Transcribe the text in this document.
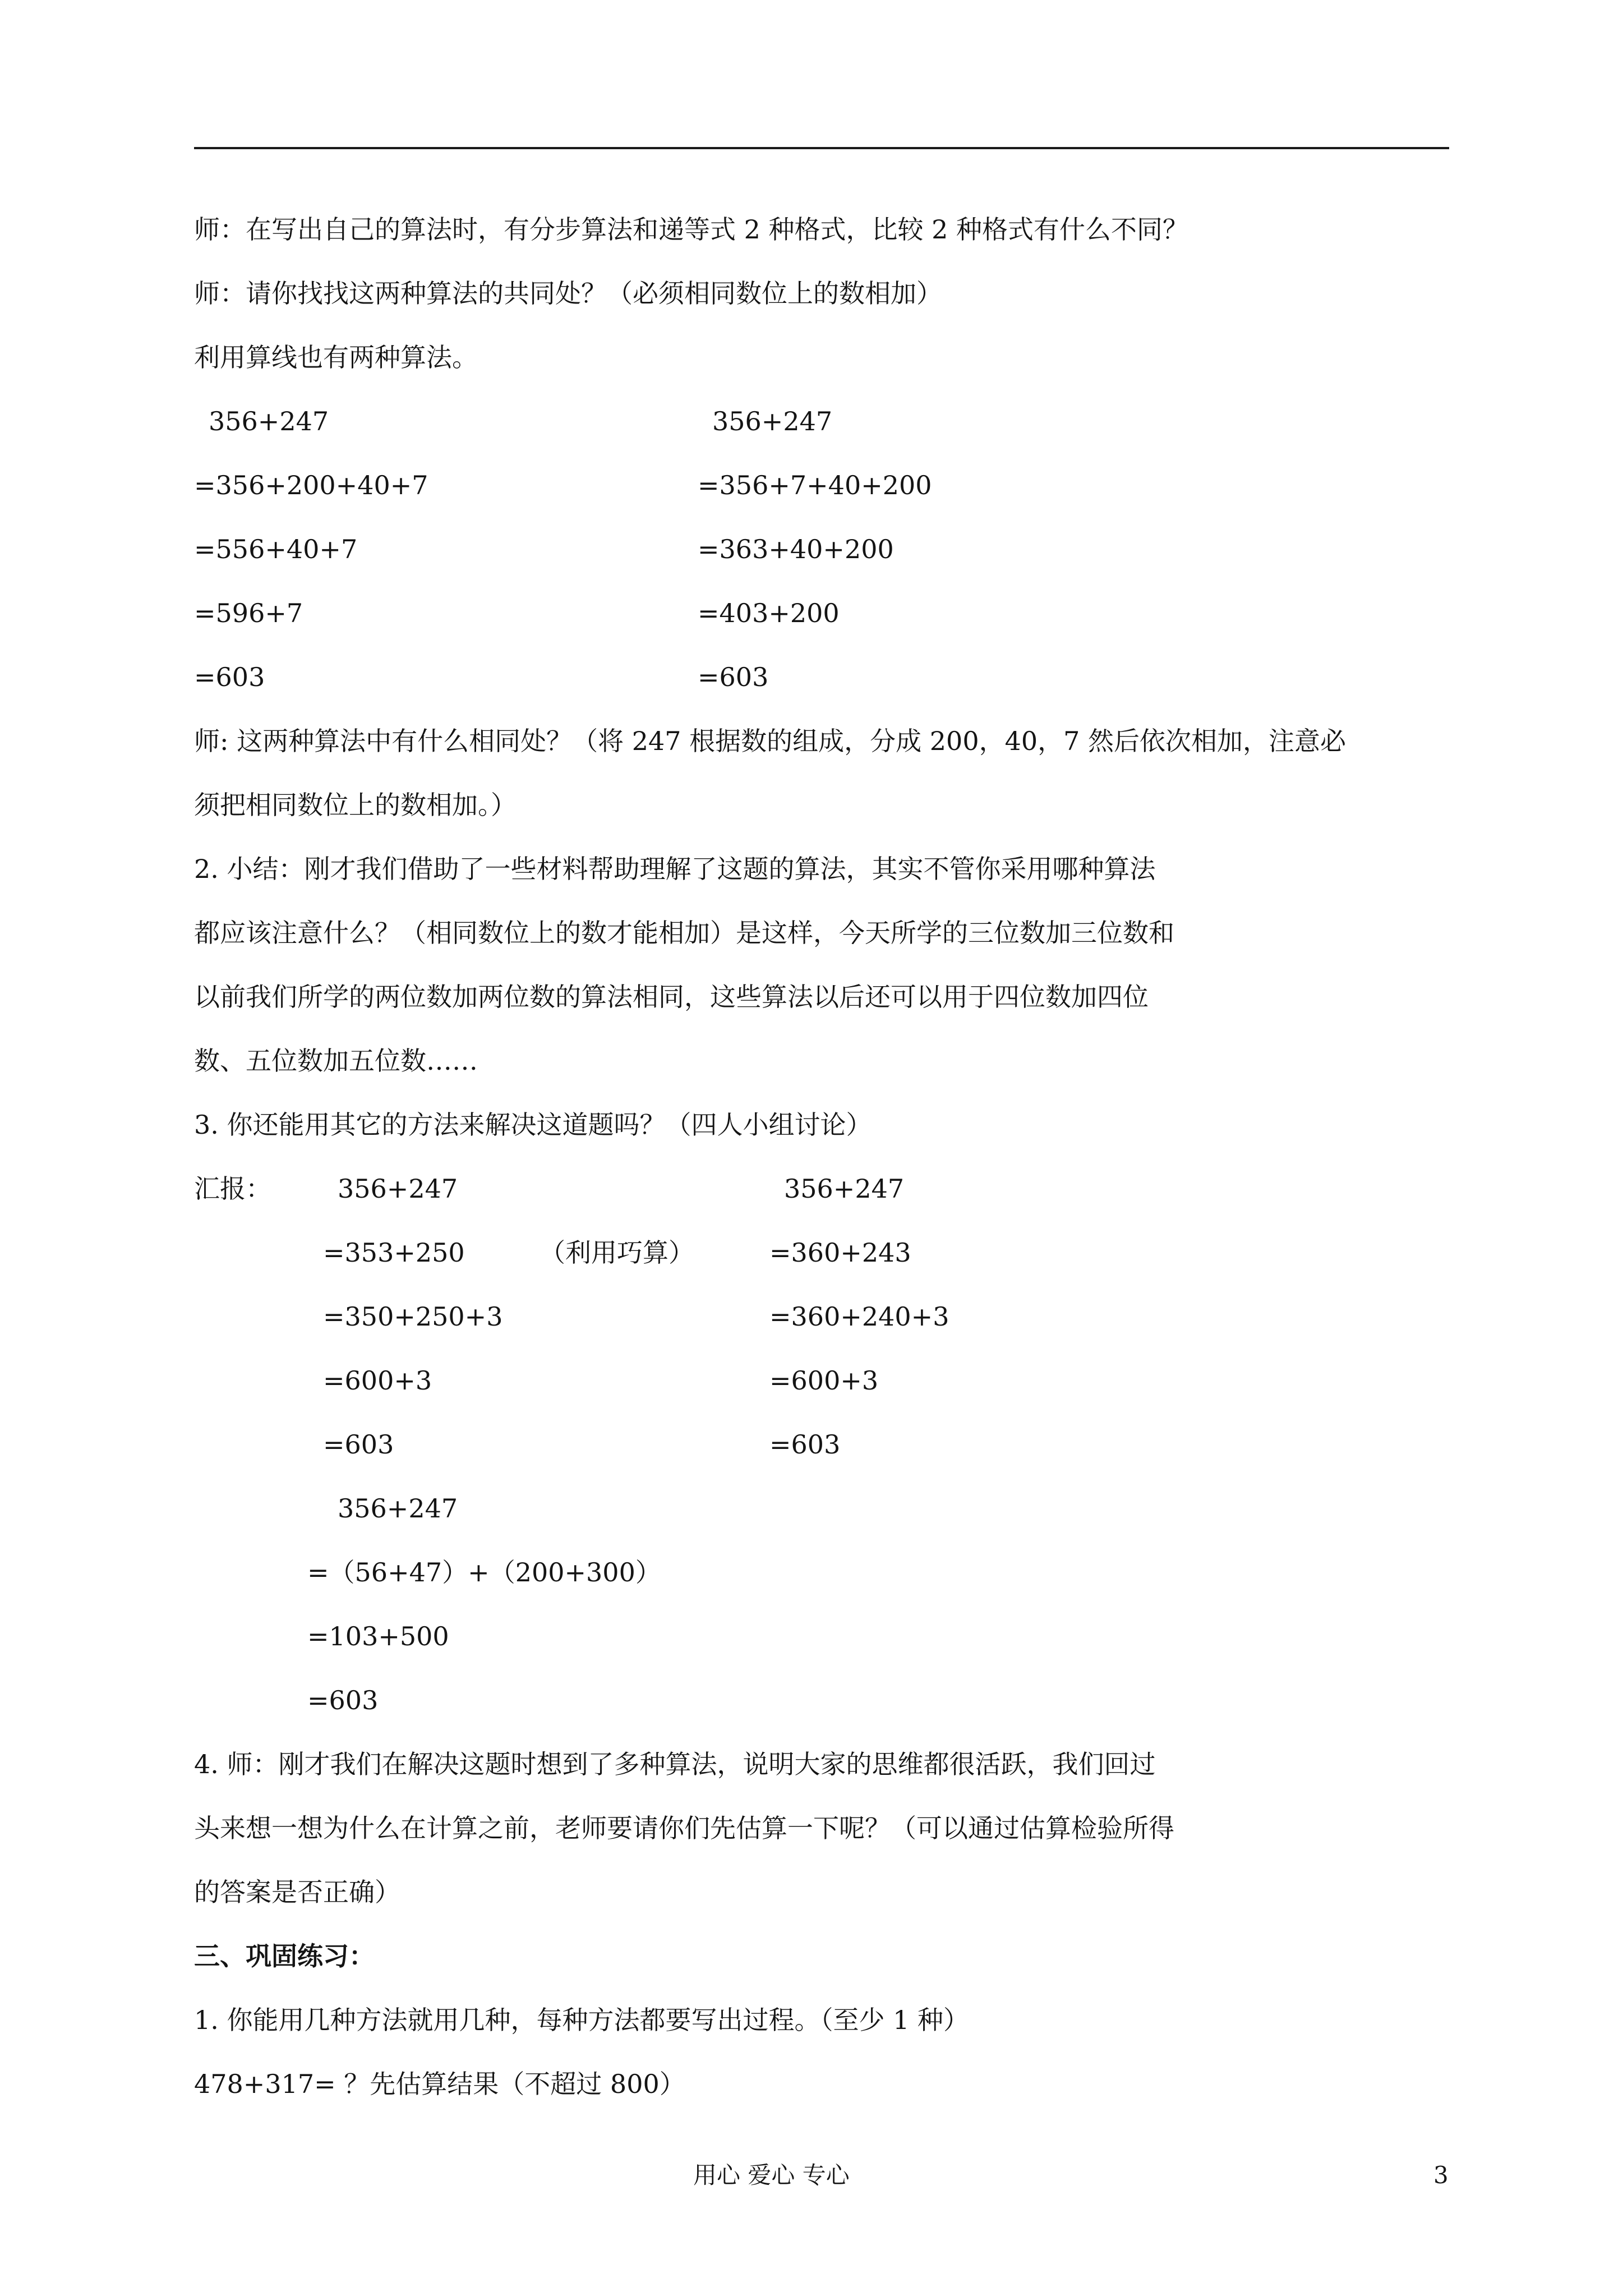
师：在写出自己的算法时，有分步算法和递等式 2 种格式，比较 2 种格式有什么不同？
师：请你找找这两种算法的共同处？（必须相同数位上的数相加）
利用算线也有两种算法。
356+247
=356+200+40+7
=556+40+7
=596+7
=603
356+247
=356+7+40+200
=363+40+200
=403+200
=603
师: 这两种算法中有什么相同处？（将 247 根据数的组成，分成 200，40，7 然后依次相加，注意必
须把相同数位上的数相加。）
2. 小结：刚才我们借助了一些材料帮助理解了这题的算法，其实不管你采用哪种算法
都应该注意什么？（相同数位上的数才能相加）是这样，今天所学的三位数加三位数和
以前我们所学的两位数加两位数的算法相同，这些算法以后还可以用于四位数加四位
数、五位数加五位数……
3. 你还能用其它的方法来解决这道题吗？（四人小组讨论）
汇报：	356+247
=353+250
=350+250+3
=600+3
=603
（利用巧算）
356+247
=360+243
=360+240+3
=600+3
=603
356+247
=（56+47）+（200+300）
=103+500
=603
4. 师：刚才我们在解决这题时想到了多种算法，说明大家的思维都很活跃，我们回过
头来想一想为什么在计算之前，老师要请你们先估算一下呢？（可以通过估算检验所得
的答案是否正确）
三、巩固练习：
1. 你能用几种方法就用几种，每种方法都要写出过程。（至少 1 种）
478+317= ？先估算结果（不超过 800）
用心 爱心 专心	3
